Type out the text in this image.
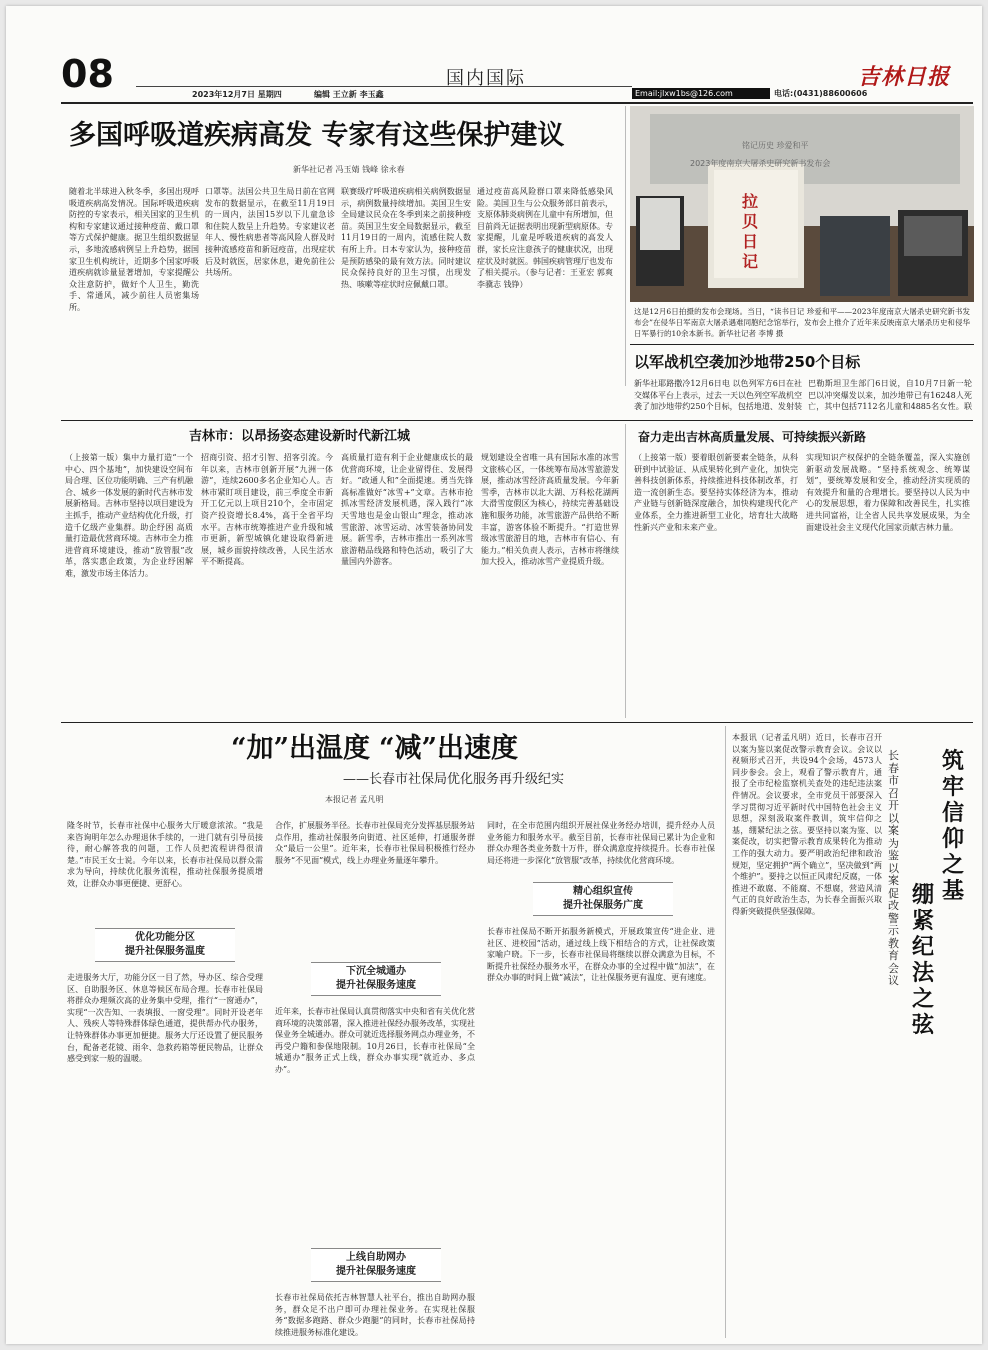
08	国内国际
2023年12月7日 星期四	编辑 王立新 李玉鑫	Email:jlxw1bs@126.com	电话:(0431)88600606
吉林日报
多国呼吸道疾病高发 专家有这些保护建议
新华社记者 冯玉婧 钱峰 徐永春
随着北半球进入秋冬季，多国出现呼吸道疾病高发情况。国际呼吸道疾病防控的专家表示，相关国家的卫生机构和专家建议通过接种疫苗、戴口罩等方式保护健康。据卫生组织数据显示，多地流感病例呈上升趋势，据国家卫生机构统计，近期多个国家呼吸道疾病就诊量显著增加，专家提醒公众注意防护，做好个人卫生，勤洗手、常通风，减少前往人员密集场所。
口罩等。法国公共卫生局日前在官网发布的数据显示，在截至11月19日的一周内，法国15岁以下儿童急诊和住院人数呈上升趋势。专家建议老年人、慢性病患者等高风险人群及时接种流感疫苗和新冠疫苗，出现症状后及时就医，居家休息，避免前往公共场所。
联赛级疗呼吸道疾病相关病例数据显示，病例数量持续增加。美国卫生安全局建议民众在冬季到来之前接种疫苗。英国卫生安全局数据显示，截至11月19日的一周内，流感住院人数有所上升。日本专家认为，接种疫苗是预防感染的最有效方法。同时建议民众保持良好的卫生习惯，出现发热、咳嗽等症状时应佩戴口罩。
通过疫苗高风险群口罩来降低感染风险。美国卫生与公众服务部日前表示，支原体肺炎病例在儿童中有所增加，但目前尚无证据表明出现新型病原体。专家提醒，儿童是呼吸道疾病的高发人群，家长应注意孩子的健康状况，出现症状及时就医。韩国疾病管理厅也发布了相关提示。（参与记者：王亚宏 郭爽 李骥志 钱铮）
铭记历史 珍爱和平
2023年度南京大屠杀史研究新书发布会
拉贝日记
这是12月6日拍摄的发布会现场。当日，“读书日记 珍爱和平——2023年度南京大屠杀史研究新书发布会”在侵华日军南京大屠杀遇难同胞纪念馆举行，发布会上推介了近年来反映南京大屠杀历史和侵华日军暴行的10余本新书。新华社记者 李博 摄
以军战机空袭加沙地带250个目标
新华社耶路撒冷12月6日电 以色列军方6日在社交媒体平台上表示，过去一天以色列空军战机空袭了加沙地带约250个目标，包括地道、发射装
巴勒斯坦卫生部门6日说，自10月7日新一轮巴以冲突爆发以来，加沙地带已有16248人死亡，其中包括7112名儿童和4885名女性。联
吉林市：以昂扬姿态建设新时代新江城
（上接第一版）集中力量打造“一个中心、四个基地”，加快建设空间布局合理、区位功能明确、三产有机融合、城乡一体发展的新时代吉林市发展新格局。吉林市坚持以项目建设为主抓手，推动产业结构优化升级，打造千亿级产业集群。助企纾困 高质量打造最优营商环境。吉林市全力推进营商环境建设，推动“放管服”改革，落实惠企政策，为企业纾困解难，激发市场主体活力。
招商引资、招才引智、招客引流。今年以来，吉林市创新开展“九洲一体游”，连续2600多名企业知心人。吉林市紧盯项目建设，前三季度全市新开工亿元以上项目210个，全市固定资产投资增长8.4%，高于全省平均水平。吉林市统筹推进产业升级和城市更新，新型城镇化建设取得新进展，城乡面貌持续改善，人民生活水平不断提高。
高质量打造有利于企业健康成长的最优营商环境，让企业留得住、发展得好。“政通人和”全面提速。勇当先锋 高标准做好“冰雪+”文章。吉林市抢抓冰雪经济发展机遇，深入践行“冰天雪地也是金山银山”理念，推动冰雪旅游、冰雪运动、冰雪装备协同发展。新雪季，吉林市推出一系列冰雪旅游精品线路和特色活动，吸引了大量国内外游客。
规划建设全省唯一具有国际水准的冰雪文旅核心区，一体统筹布局冰雪旅游发展，推动冰雪经济高质量发展。今年新雪季，吉林市以北大湖、万科松花湖两大滑雪度假区为核心，持续完善基础设施和服务功能，冰雪旅游产品供给不断丰富，游客体验不断提升。“打造世界级冰雪旅游目的地，吉林市有信心、有能力。”相关负责人表示，吉林市将继续加大投入，推动冰雪产业提质升级。
奋力走出吉林高质量发展、可持续振兴新路
（上接第一版）要着眼创新要素全链条，从科研到中试验证、从成果转化到产业化，加快完善科技创新体系，持续推进科技体制改革，打造一流创新生态。要坚持实体经济为本，推动产业链与创新链深度融合，加快构建现代化产业体系，全力推进新型工业化，培育壮大战略性新兴产业和未来产业。
实现知识产权保护的全链条覆盖，深入实施创新驱动发展战略。“坚持系统观念、统筹谋划”，要统筹发展和安全，推动经济实现质的有效提升和量的合理增长。要坚持以人民为中心的发展思想，着力保障和改善民生，扎实推进共同富裕，让全省人民共享发展成果，为全面建设社会主义现代化国家贡献吉林力量。
“加”出温度 “减”出速度
——长春市社保局优化服务再升级纪实
本报记者 孟凡明
隆冬时节，长春市社保中心服务大厅暖意浓浓。“我是来咨询明年怎么办理退休手续的，一进门就有引导员接待，耐心解答我的问题，工作人员把流程讲得很清楚。”市民王女士说。今年以来，长春市社保局以群众需求为导向，持续优化服务流程，推动社保服务提质增效，让群众办事更便捷、更舒心。
优化功能分区
提升社保服务温度
走进服务大厅，功能分区一目了然，导办区、综合受理区、自助服务区、休息等候区布局合理。长春市社保局将群众办理频次高的业务集中受理，推行“一窗通办”，实现“一次告知、一表填报、一窗受理”。同时开设老年人、残疾人等特殊群体绿色通道，提供帮办代办服务，让特殊群体办事更加便捷。服务大厅还设置了便民服务台，配备老花镜、雨伞、急救药箱等便民物品，让群众感受到家一般的温暖。
合作，扩展服务半径。长春市社保局充分发挥基层服务站点作用，推动社保服务向街道、社区延伸，打通服务群众“最后一公里”。近年来，长春市社保局积极推行经办服务“不见面”模式，线上办理业务量逐年攀升。
下沉全城通办
提升社保服务速度
近年来，长春市社保局认真贯彻落实中央和省有关优化营商环境的决策部署，深入推进社保经办服务改革，实现社保业务全城通办。群众可就近选择服务网点办理业务，不再受户籍和参保地限制。10月26日，长春市社保局“全城通办”服务正式上线，群众办事实现“就近办、多点办”。
上线自助网办
提升社保服务速度
长春市社保局依托吉林智慧人社平台，推出自助网办服务，群众足不出户即可办理社保业务。在实现社保服务“数据多跑路、群众少跑腿”的同时，长春市社保局持续推进服务标准化建设。
同时，在全市范围内组织开展社保业务经办培训，提升经办人员业务能力和服务水平。截至目前，长春市社保局已累计为企业和群众办理各类业务数十万件，群众满意度持续提升。长春市社保局还将进一步深化“放管服”改革，持续优化营商环境。
精心组织宣传
提升社保服务广度
长春市社保局不断开拓服务新模式，开展政策宣传“进企业、进社区、进校园”活动，通过线上线下相结合的方式，让社保政策家喻户晓。下一步，长春市社保局将继续以群众满意为目标，不断提升社保经办服务水平，在群众办事的全过程中做“加法”，在群众办事的时间上做“减法”，让社保服务更有温度、更有速度。
本报讯（记者孟凡明）近日，长春市召开以案为鉴以案促改警示教育会议。会议以视频形式召开，共设94个会场，4573人同步参会。会上，观看了警示教育片，通报了全市纪检监察机关查处的违纪违法案件情况。会议要求，全市党员干部要深入学习贯彻习近平新时代中国特色社会主义思想，深刻汲取案件教训，筑牢信仰之基，绷紧纪法之弦。要坚持以案为鉴、以案促改，切实把警示教育成果转化为推动工作的强大动力。要严明政治纪律和政治规矩，坚定拥护“两个确立”，坚决做到“两个维护”。要持之以恒正风肃纪反腐，一体推进不敢腐、不能腐、不想腐，营造风清气正的良好政治生态，为长春全面振兴取得新突破提供坚强保障。
筑牢信仰之基
绷紧纪法之弦
长春市召开以案为鉴以案促改警示教育会议
